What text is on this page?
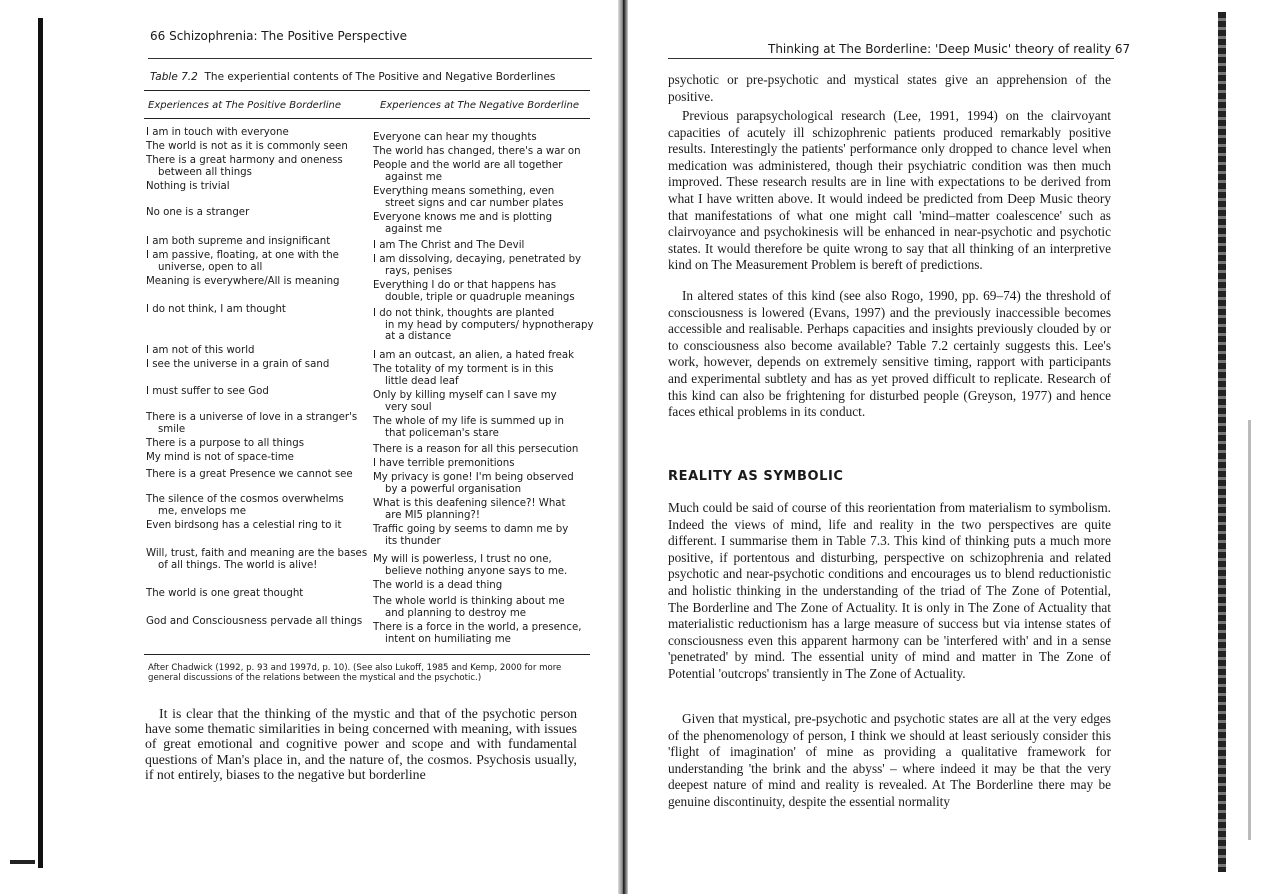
66 Schizophrenia: The Positive Perspective
Table 7.2 The experiential contents of The Positive and Negative Borderlines
Experiences at The Positive Borderline	Experiences at The Negative Borderline
I am in touch with everyone
The world is not as it is commonly seen
There is a great harmony and oneness
between all things
Nothing is trivial
No one is a stranger
I am both supreme and insignificant
I am passive, floating, at one with the
universe, open to all
Meaning is everywhere/All is meaning
I do not think, I am thought
I am not of this world
I see the universe in a grain of sand
I must suffer to see God
There is a universe of love in a stranger's
smile
There is a purpose to all things
My mind is not of space-time
There is a great Presence we cannot see
The silence of the cosmos overwhelms
me, envelops me
Even birdsong has a celestial ring to it
Will, trust, faith and meaning are the bases
of all things. The world is alive!
The world is one great thought
God and Consciousness pervade all things
Everyone can hear my thoughts
The world has changed, there's a war on
People and the world are all together
against me
Everything means something, even
street signs and car number plates
Everyone knows me and is plotting
against me
I am The Christ and The Devil
I am dissolving, decaying, penetrated by
rays, penises
Everything I do or that happens has
double, triple or quadruple meanings
I do not think, thoughts are planted
in my head by computers/ hypnotherapy at a distance
I am an outcast, an alien, a hated freak
The totality of my torment is in this
little dead leaf
Only by killing myself can I save my
very soul
The whole of my life is summed up in
that policeman's stare
There is a reason for all this persecution
I have terrible premonitions
My privacy is gone! I'm being observed
by a powerful organisation
What is this deafening silence?! What
are MI5 planning?!
Traffic going by seems to damn me by
its thunder
My will is powerless, I trust no one,
believe nothing anyone says to me.
The world is a dead thing
The whole world is thinking about me
and planning to destroy me
There is a force in the world, a presence,
intent on humiliating me
After Chadwick (1992, p. 93 and 1997d, p. 10). (See also Lukoff, 1985 and Kemp, 2000 for more general discussions of the relations between the mystical and the psychotic.)
It is clear that the thinking of the mystic and that of the psychotic person have some thematic similarities in being concerned with meaning, with issues of great emotional and cognitive power and scope and with fundamental questions of Man's place in, and the nature of, the cosmos. Psychosis usually, if not entirely, biases to the negative but borderline
Thinking at The Borderline: 'Deep Music' theory of reality 67
psychotic or pre-psychotic and mystical states give an apprehension of the positive.
Previous parapsychological research (Lee, 1991, 1994) on the clairvoyant capacities of acutely ill schizophrenic patients produced remarkably positive results. Interestingly the patients' performance only dropped to chance level when medication was administered, though their psychiatric condition was then much improved. These research results are in line with expectations to be derived from what I have written above. It would indeed be predicted from Deep Music theory that manifestations of what one might call 'mind–matter coalescence' such as clairvoyance and psychokinesis will be enhanced in near-psychotic and psychotic states. It would therefore be quite wrong to say that all thinking of an interpretive kind on The Measurement Problem is bereft of predictions.
In altered states of this kind (see also Rogo, 1990, pp. 69–74) the threshold of consciousness is lowered (Evans, 1997) and the previously inaccessible becomes accessible and realisable. Perhaps capacities and insights previously clouded by or to consciousness also become available? Table 7.2 certainly suggests this. Lee's work, however, depends on extremely sensitive timing, rapport with participants and experimental subtlety and has as yet proved difficult to replicate. Research of this kind can also be frightening for disturbed people (Greyson, 1977) and hence faces ethical problems in its conduct.
REALITY AS SYMBOLIC
Much could be said of course of this reorientation from materialism to symbolism. Indeed the views of mind, life and reality in the two perspectives are quite different. I summarise them in Table 7.3. This kind of thinking puts a much more positive, if portentous and disturbing, perspective on schizophrenia and related psychotic and near-psychotic conditions and encourages us to blend reductionistic and holistic thinking in the understanding of the triad of The Zone of Potential, The Borderline and The Zone of Actuality. It is only in The Zone of Actuality that materialistic reductionism has a large measure of success but via intense states of consciousness even this apparent harmony can be 'interfered with' and in a sense 'penetrated' by mind. The essential unity of mind and matter in The Zone of Potential 'outcrops' transiently in The Zone of Actuality.
Given that mystical, pre-psychotic and psychotic states are all at the very edges of the phenomenology of person, I think we should at least seriously consider this 'flight of imagination' of mine as providing a qualitative framework for understanding 'the brink and the abyss' – where indeed it may be that the very deepest nature of mind and reality is revealed. At The Borderline there may be genuine discontinuity, despite the essential normality
